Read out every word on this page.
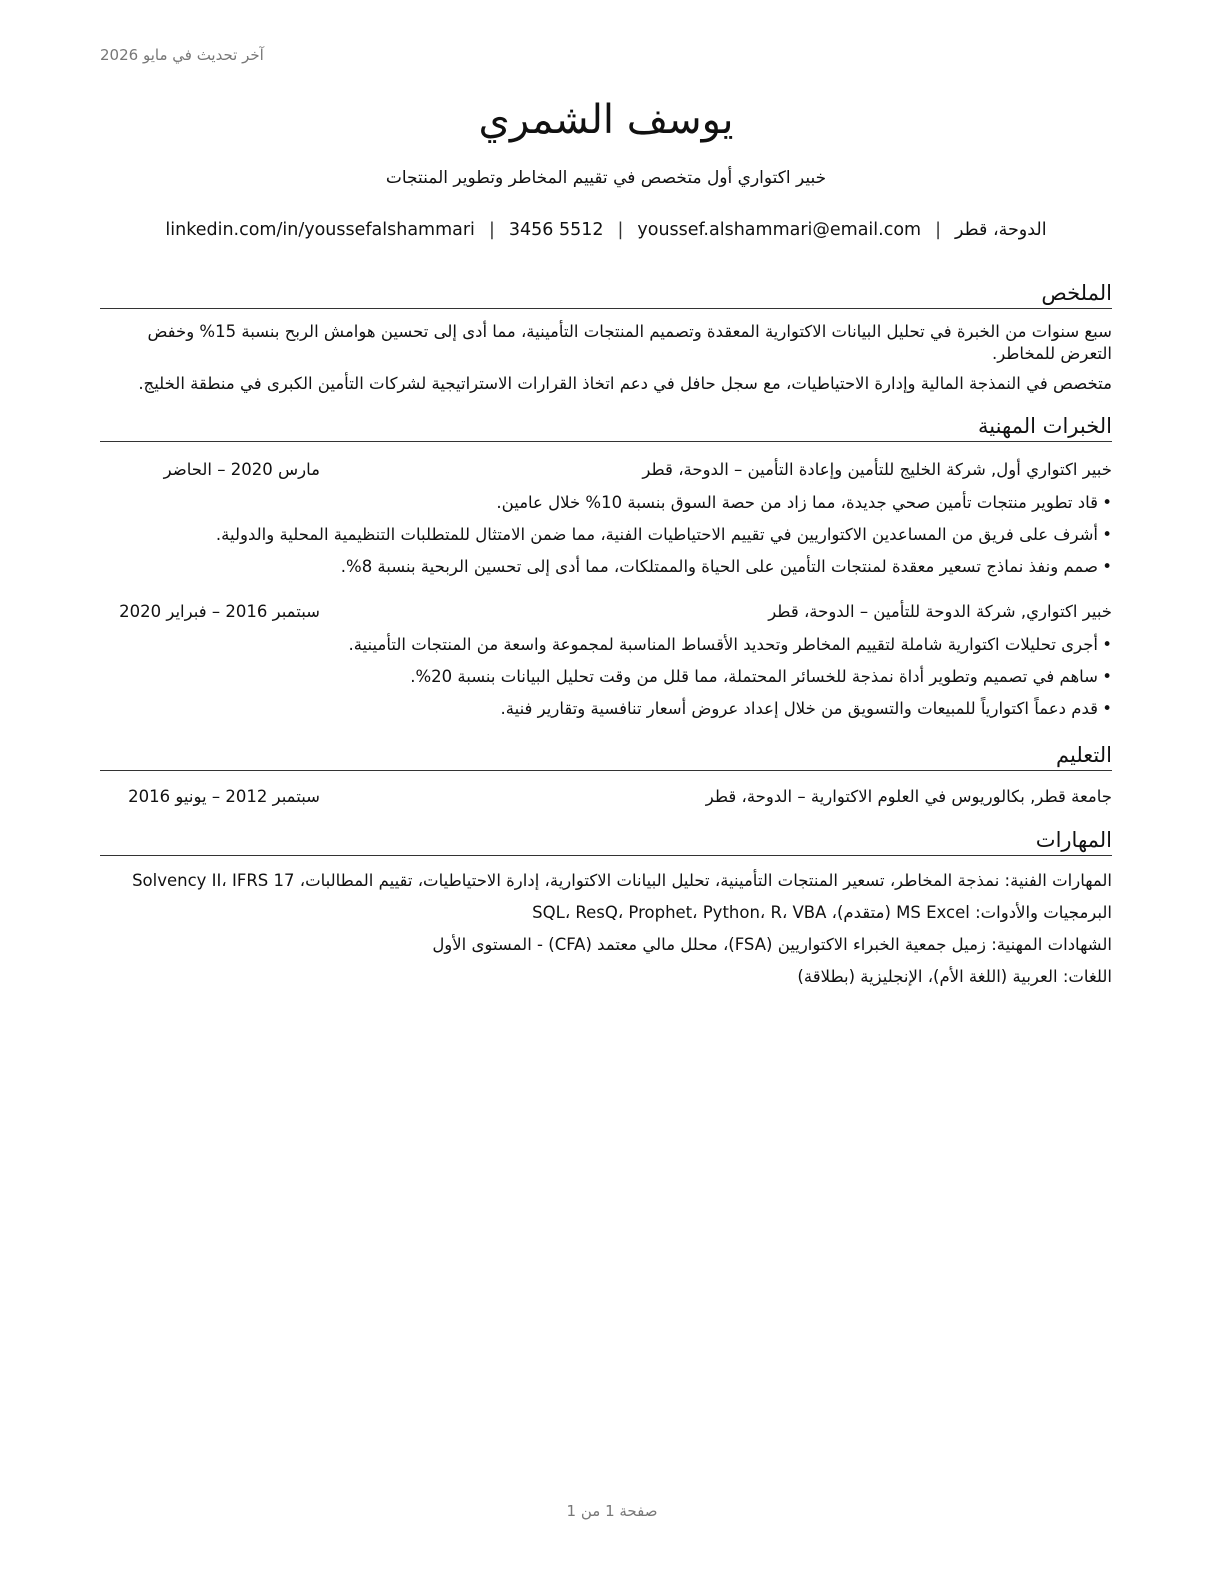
آخر تحديث في مايو 2026
يوسف الشمري
خبير اكتواري أول متخصص في تقييم المخاطر وتطوير المنتجات
الدوحة، قطر
|
youssef.alshammari@email.com
|
3456 5512
|
linkedin.com/in/youssefalshammari
الملخص

سبع سنوات من الخبرة في تحليل البيانات الاكتوارية المعقدة وتصميم المنتجات التأمينية، مما أدى إلى تحسين هوامش الربح بنسبة 15% وخفض التعرض للمخاطر.

متخصص في النمذجة المالية وإدارة الاحتياطيات، مع سجل حافل في دعم اتخاذ القرارات الاستراتيجية لشركات التأمين الكبرى في منطقة الخليج.

الخبرات المهنية
خبير اكتواري أول, شركة الخليج للتأمين وإعادة التأمين – الدوحة، قطر
مارس 2020 – الحاضر
•
قاد تطوير منتجات تأمين صحي جديدة، مما زاد من حصة السوق بنسبة 10% خلال عامين.
•
أشرف على فريق من المساعدين الاكتواريين في تقييم الاحتياطيات الفنية، مما ضمن الامتثال للمتطلبات التنظيمية المحلية والدولية.
•
صمم ونفذ نماذج تسعير معقدة لمنتجات التأمين على الحياة والممتلكات، مما أدى إلى تحسين الربحية بنسبة 8%.
خبير اكتواري, شركة الدوحة للتأمين – الدوحة، قطر
سبتمبر 2016 – فبراير 2020
•
أجرى تحليلات اكتوارية شاملة لتقييم المخاطر وتحديد الأقساط المناسبة لمجموعة واسعة من المنتجات التأمينية.
•
ساهم في تصميم وتطوير أداة نمذجة للخسائر المحتملة، مما قلل من وقت تحليل البيانات بنسبة 20%.
•
قدم دعماً اكتوارياً للمبيعات والتسويق من خلال إعداد عروض أسعار تنافسية وتقارير فنية.
التعليم
جامعة قطر, بكالوريوس في العلوم الاكتوارية – الدوحة، قطر
سبتمبر 2012 – يونيو 2016
المهارات

المهارات الفنية: نمذجة المخاطر، تسعير المنتجات التأمينية، تحليل البيانات الاكتوارية، إدارة الاحتياطيات، تقييم المطالبات، Solvency II، IFRS 17

البرمجيات والأدوات: MS Excel (متقدم)، SQL، ResQ، Prophet، Python، R، VBA

الشهادات المهنية: زميل جمعية الخبراء الاكتواريين (FSA)، محلل مالي معتمد (CFA) - المستوى الأول

اللغات: العربية (اللغة الأم)، الإنجليزية (بطلاقة)

صفحة 1 من 1
